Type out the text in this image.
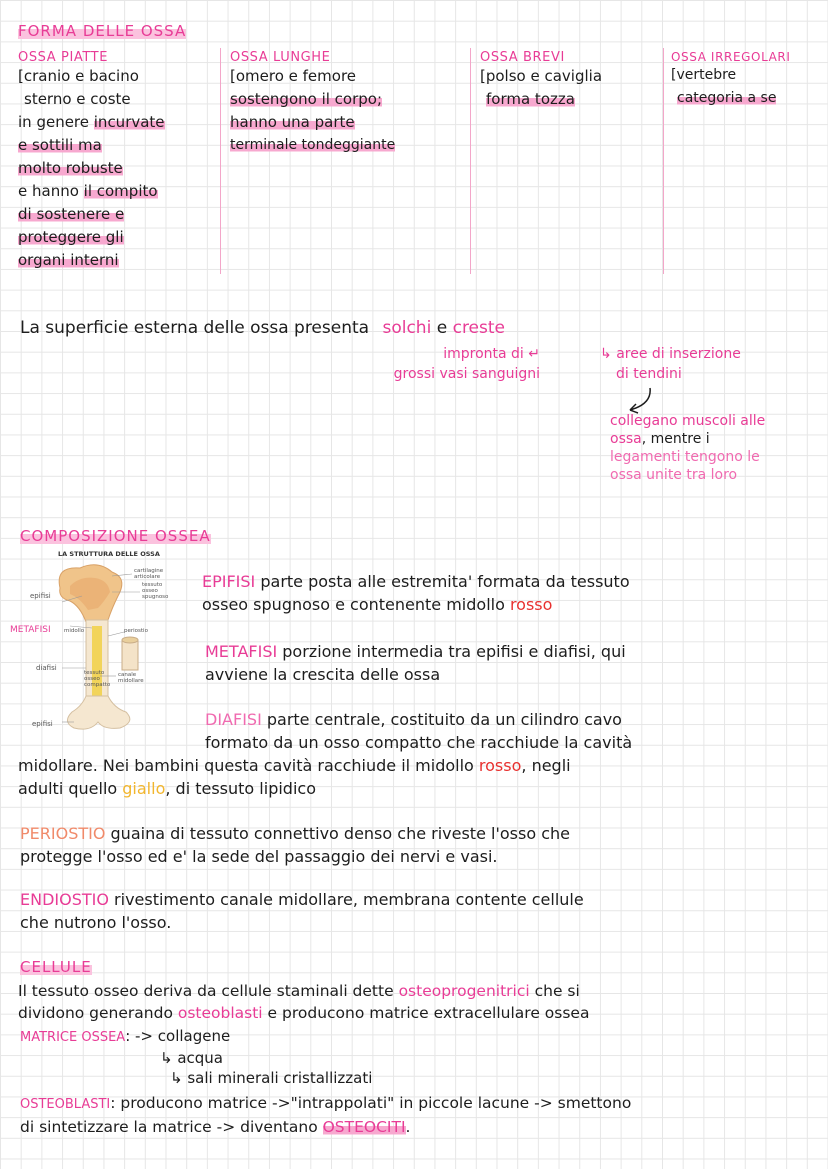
FORMA DELLE OSSA
OSSA PIATTE
[cranio e bacino
sterno e coste
in genere incurvate
e sottili ma
molto robuste
e hanno il compito
di sostenere e
proteggere gli
organi interni
OSSA LUNGHE
[omero e femore
sostengono il corpo;
hanno una parte
terminale tondeggiante
OSSA BREVI
[polso e caviglia
forma tozza
OSSA IRREGOLARI
[vertebre
categoria a se
La superficie esterna delle ossa presenta solchi e creste
impronta di ↵
grossi vasi sanguigni
↳ aree di inserzione
di tendini
collegano muscoli alle
ossa, mentre i
legamenti tengono le
ossa unite tra loro
COMPOSIZIONE OSSEA
LA STRUTTURA DELLE OSSA
epifisi
cartilagine
articolare
tessuto
osseo
spugnoso
METAFISI midollo	periostio
diafisi
tessuto
osseo
compatto
canale
midollare
epifisi
EPIFISI parte posta alle estremita' formata da tessuto
osseo spugnoso e contenente midollo rosso
METAFISI porzione intermedia tra epifisi e diafisi, qui
avviene la crescita delle ossa
DIAFISI parte centrale, costituito da un cilindro cavo
formato da un osso compatto che racchiude la cavità
midollare. Nei bambini questa cavità racchiude il midollo rosso, negli
adulti quello giallo, di tessuto lipidico
PERIOSTIO guaina di tessuto connettivo denso che riveste l'osso che
protegge l'osso ed e' la sede del passaggio dei nervi e vasi.
ENDIOSTIO rivestimento canale midollare, membrana contente cellule
che nutrono l'osso.
CELLULE
Il tessuto osseo deriva da cellule staminali dette osteoprogenitrici che si
dividono generando osteoblasti e producono matrice extracellulare ossea
MATRICE OSSEA: -> collagene
↳ acqua
↳ sali minerali cristallizzati
OSTEOBLASTI: producono matrice ->"intrappolati" in piccole lacune -> smettono
di sintetizzare la matrice -> diventano OSTEOCITI.
